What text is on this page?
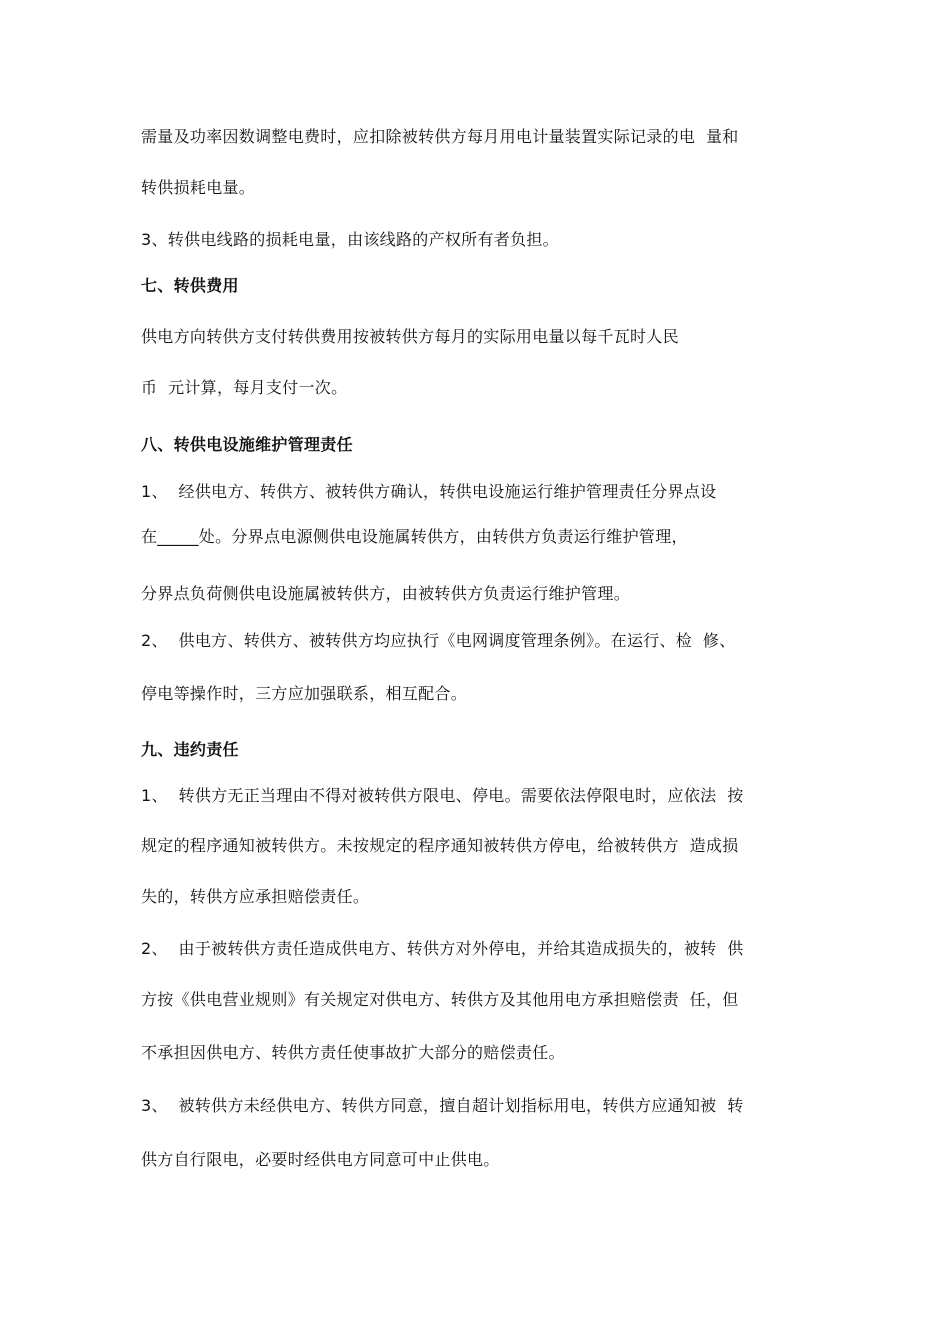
需量及功率因数调整电费时，应扣除被转供方每月用电计量装置实际记录的电  量和
转供损耗电量。
3、转供电线路的损耗电量，由该线路的产权所有者负担。
七、转供费用
供电方向转供方支付转供费用按被转供方每月的实际用电量以每千瓦时人民
币  元计算，每月支付一次。
八、转供电设施维护管理责任
1、  经供电方、转供方、被转供方确认，转供电设施运行维护管理责任分界点设
在_____处。分界点电源侧供电设施属转供方，由转供方负责运行维护管理，
分界点负荷侧供电设施属被转供方，由被转供方负责运行维护管理。
2、  供电方、转供方、被转供方均应执行《电网调度管理条例》。在运行、检  修、
停电等操作时，三方应加强联系，相互配合。
九、违约责任
1、  转供方无正当理由不得对被转供方限电、停电。需要依法停限电时，应依法  按
规定的程序通知被转供方。未按规定的程序通知被转供方停电，给被转供方  造成损
失的，转供方应承担赔偿责任。
2、  由于被转供方责任造成供电方、转供方对外停电，并给其造成损失的，被转  供
方按《供电营业规则》有关规定对供电方、转供方及其他用电方承担赔偿责  任，但
不承担因供电方、转供方责任使事故扩大部分的赔偿责任。
3、  被转供方未经供电方、转供方同意，擅自超计划指标用电，转供方应通知被  转
供方自行限电，必要时经供电方同意可中止供电。
